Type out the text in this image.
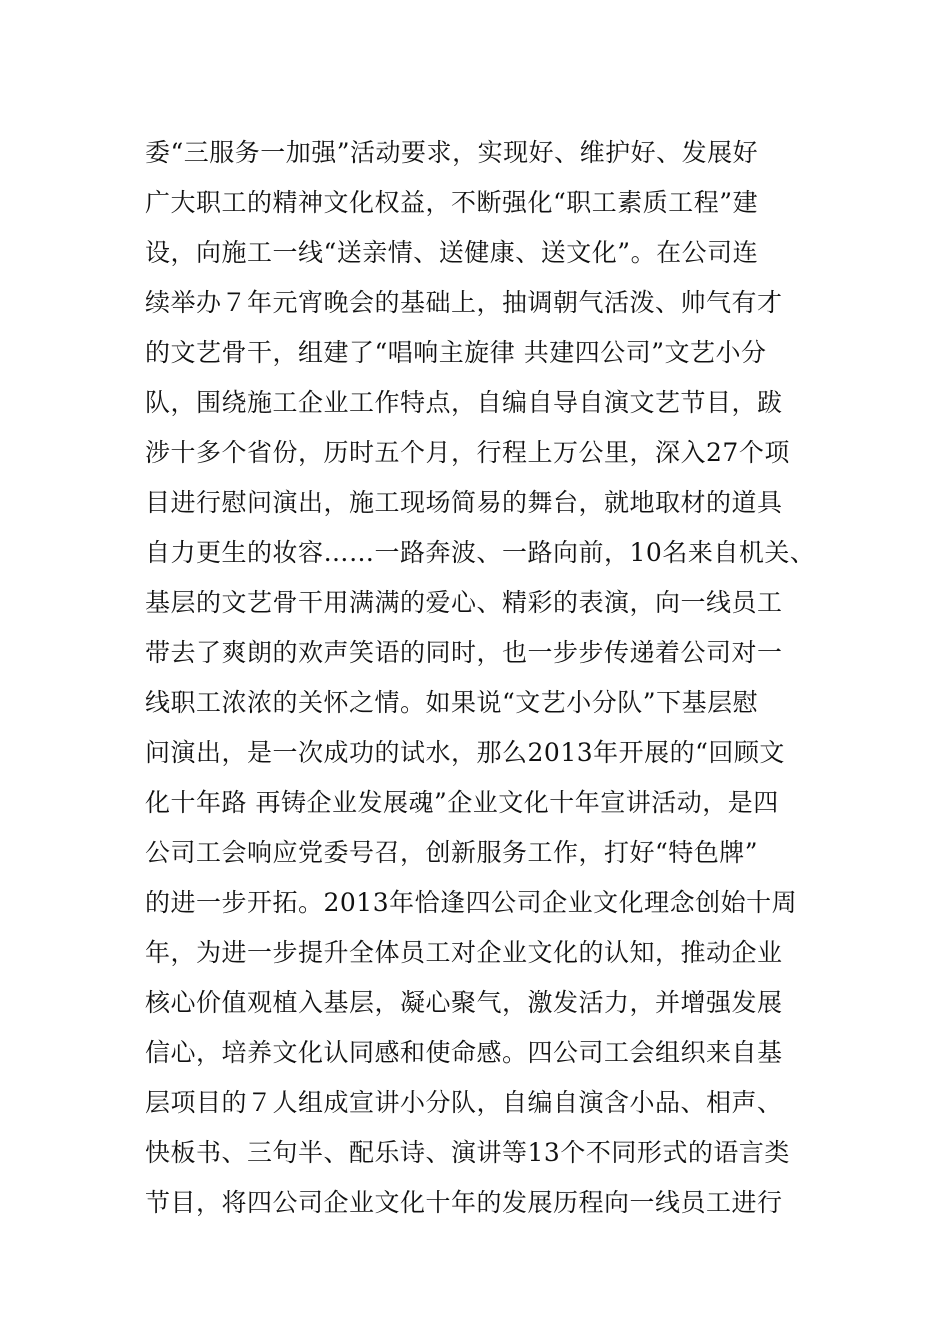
委“三服务一加强”活动要求，实现好、维护好、发展好
广大职工的精神文化权益，不断强化“职工素质工程”建
设，向施工一线“送亲情、送健康、送文化”。在公司连
续举办７年元宵晚会的基础上，抽调朝气活泼、帅气有才
的文艺骨干，组建了“唱响主旋律 共建四公司”文艺小分
队，围绕施工企业工作特点，自编自导自演文艺节目，跋
涉十多个省份，历时五个月，行程上万公里，深入27个项
目进行慰问演出，施工现场简易的舞台，就地取材的道具
自力更生的妆容……一路奔波、一路向前，10名来自机关、
基层的文艺骨干用满满的爱心、精彩的表演，向一线员工
带去了爽朗的欢声笑语的同时，也一步步传递着公司对一
线职工浓浓的关怀之情。如果说“文艺小分队”下基层慰
问演出，是一次成功的试水，那么2013年开展的“回顾文
化十年路 再铸企业发展魂”企业文化十年宣讲活动，是四
公司工会响应党委号召，创新服务工作，打好“特色牌”
的进一步开拓。2013年恰逢四公司企业文化理念创始十周
年，为进一步提升全体员工对企业文化的认知，推动企业
核心价值观植入基层，凝心聚气，激发活力，并增强发展
信心，培养文化认同感和使命感。四公司工会组织来自基
层项目的７人组成宣讲小分队，自编自演含小品、相声、
快板书、三句半、配乐诗、演讲等13个不同形式的语言类
节目，将四公司企业文化十年的发展历程向一线员工进行
